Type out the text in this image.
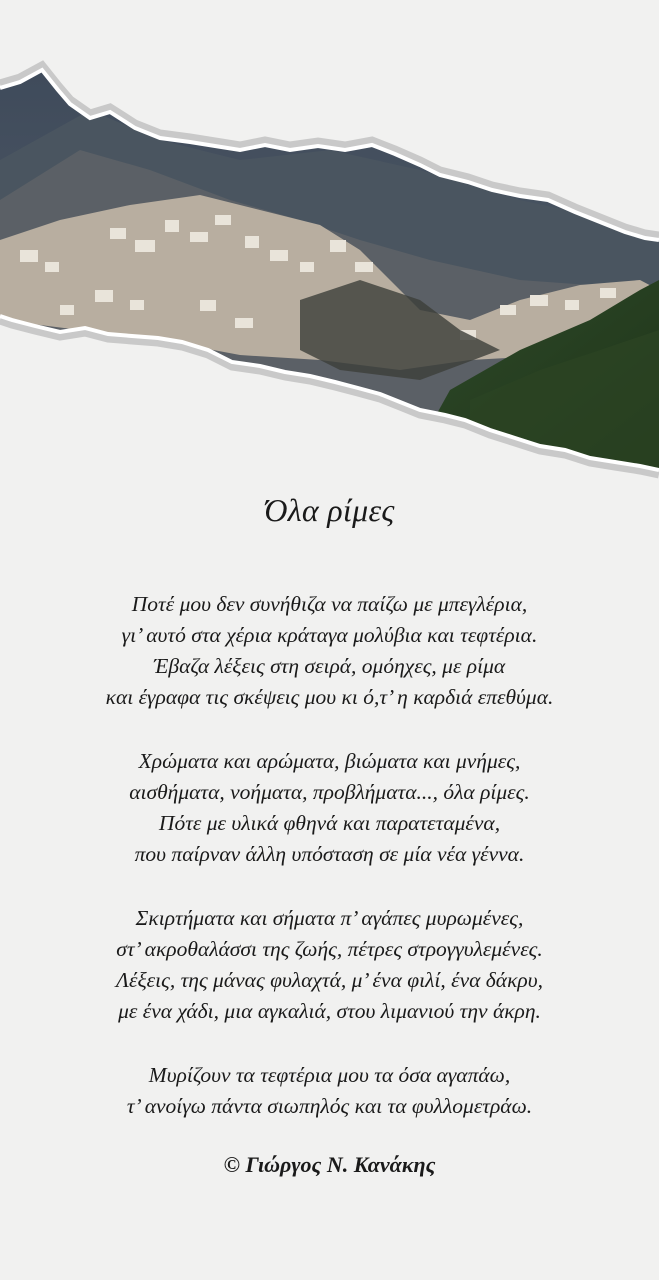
Όλα ρίμες
Ποτέ μου δεν συνήθιζα να παίζω με μπεγλέρια,
γι’ αυτό στα χέρια κράταγα μολύβια και τεφτέρια.
Έβαζα λέξεις στη σειρά, ομόηχες, με ρίμα
και έγραφα τις σκέψεις μου κι ό,τ’ η καρδιά επεθύμα.
Χρώματα και αρώματα, βιώματα και μνήμες,
αισθήματα, νοήματα, προβλήματα..., όλα ρίμες.
Πότε με υλικά φθηνά και παρατεταμένα,
που παίρναν άλλη υπόσταση σε μία νέα γέννα.
Σκιρτήματα και σήματα π’ αγάπες μυρωμένες,
στ’ ακροθαλάσσι της ζωής, πέτρες στρογγυλεμένες.
Λέξεις, της μάνας φυλαχτά, μ’ ένα φιλί, ένα δάκρυ,
με ένα χάδι, μια αγκαλιά, στου λιμανιού την άκρη.
Μυρίζουν τα τεφτέρια μου τα όσα αγαπάω,
τ’ ανοίγω πάντα σιωπηλός και τα φυλλομετράω.
© Γιώργος Ν. Κανάκης
